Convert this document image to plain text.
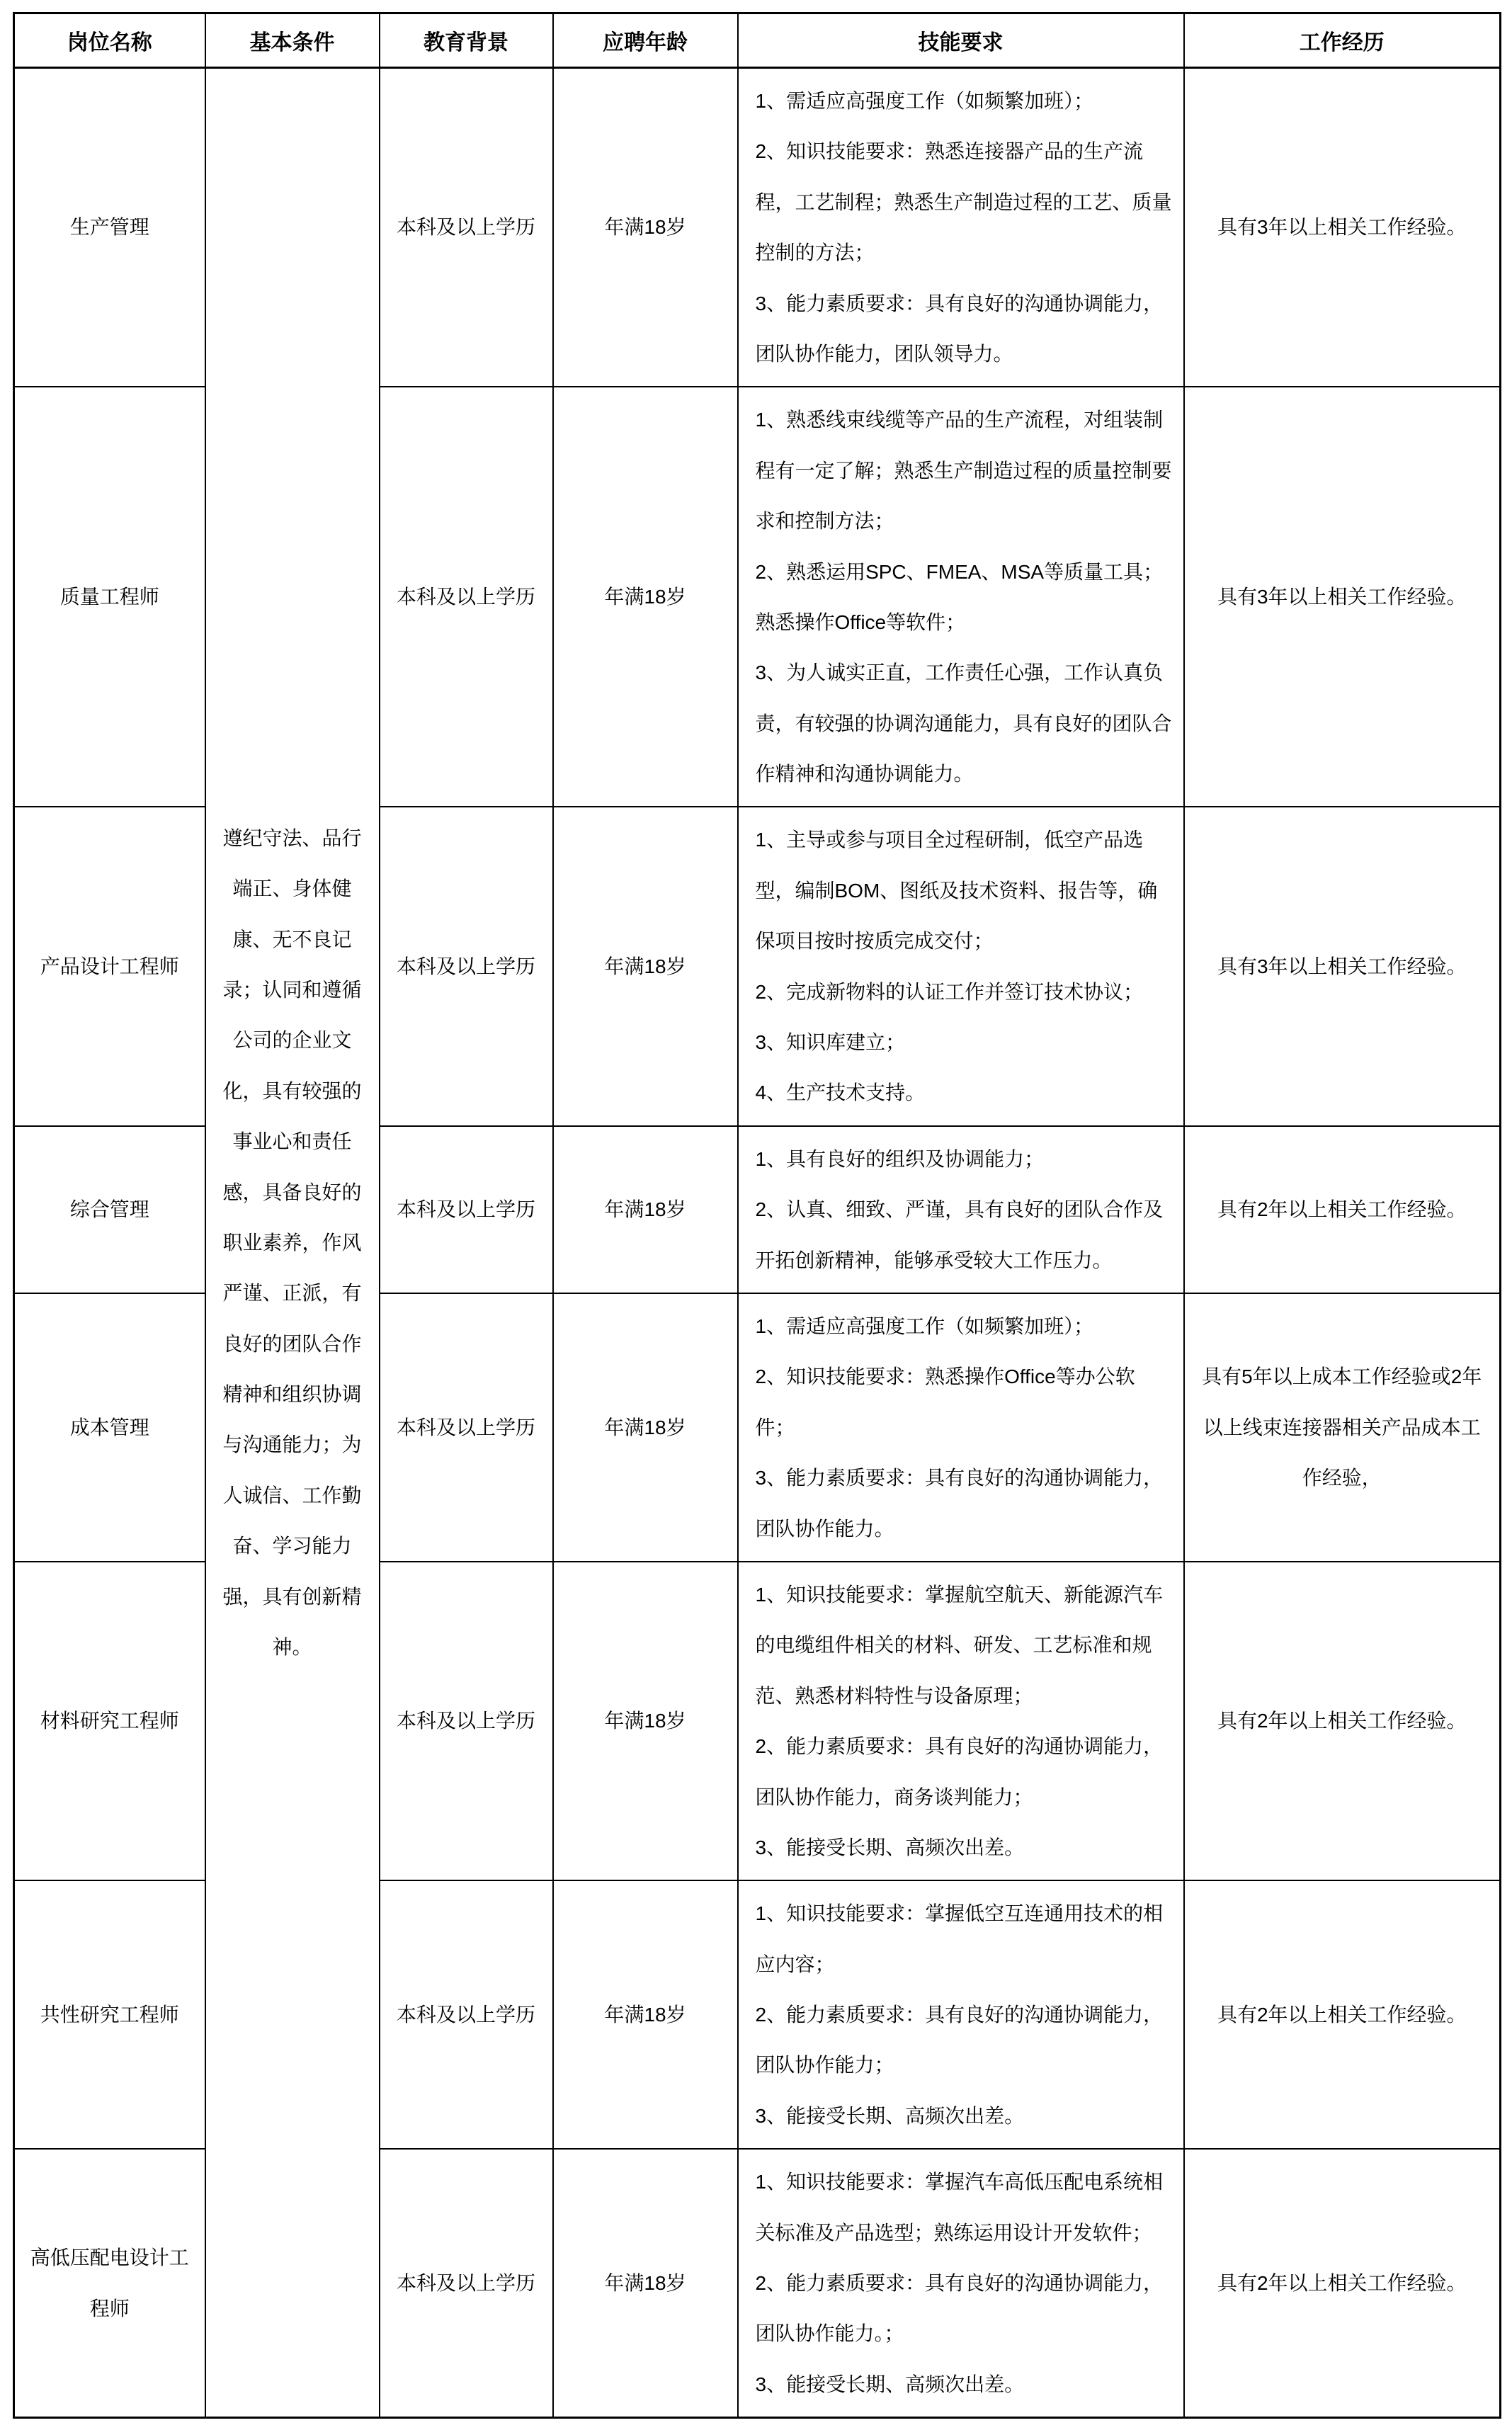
岗位名称	基本条件	教育背景	应聘年龄	技能要求	工作经历
生产管理	遵纪守法、品行端正、身体健康、无不良记录；认同和遵循公司的企业文化，具有较强的事业心和责任感，具备良好的职业素养，作风严谨、正派，有良好的团队合作精神和组织协调与沟通能力；为人诚信、工作勤奋、学习能力强，具有创新精神。	本科及以上学历	年满18岁	1、需适应高强度工作（如频繁加班）；

2、知识技能要求：熟悉连接器产品的生产流程，工艺制程；熟悉生产制造过程的工艺、质量控制的方法；

3、能力素质要求：具有良好的沟通协调能力，团队协作能力，团队领导力。	具有3年以上相关工作经验。
质量工程师		本科及以上学历	年满18岁	1、熟悉线束线缆等产品的生产流程，对组装制程有一定了解；熟悉生产制造过程的质量控制要求和控制方法；

2、熟悉运用SPC、FMEA、MSA等质量工具；熟悉操作Office等软件；

3、为人诚实正直，工作责任心强，工作认真负责，有较强的协调沟通能力，具有良好的团队合作精神和沟通协调能力。	具有3年以上相关工作经验。
产品设计工程师		本科及以上学历	年满18岁	1、主导或参与项目全过程研制，低空产品选型，编制BOM、图纸及技术资料、报告等，确保项目按时按质完成交付；

2、完成新物料的认证工作并签订技术协议；

3、知识库建立；

4、生产技术支持。	具有3年以上相关工作经验。
综合管理		本科及以上学历	年满18岁	1、具有良好的组织及协调能力；

2、认真、细致、严谨，具有良好的团队合作及开拓创新精神，能够承受较大工作压力。	具有2年以上相关工作经验。
成本管理		本科及以上学历	年满18岁	1、需适应高强度工作（如频繁加班）；

2、知识技能要求：熟悉操作Office等办公软件；

3、能力素质要求：具有良好的沟通协调能力，团队协作能力。	具有5年以上成本工作经验或2年以上线束连接器相关产品成本工作经验，
材料研究工程师		本科及以上学历	年满18岁	1、知识技能要求：掌握航空航天、新能源汽车的电缆组件相关的材料、研发、工艺标准和规范、熟悉材料特性与设备原理；

2、能力素质要求：具有良好的沟通协调能力，团队协作能力，商务谈判能力；

3、能接受长期、高频次出差。	具有2年以上相关工作经验。
共性研究工程师		本科及以上学历	年满18岁	1、知识技能要求：掌握低空互连通用技术的相应内容；

2、能力素质要求：具有良好的沟通协调能力，团队协作能力；

3、能接受长期、高频次出差。	具有2年以上相关工作经验。
高低压配电设计工程师		本科及以上学历	年满18岁	1、知识技能要求：掌握汽车高低压配电系统相关标准及产品选型；熟练运用设计开发软件；

2、能力素质要求：具有良好的沟通协调能力，团队协作能力。；

3、能接受长期、高频次出差。	具有2年以上相关工作经验。
